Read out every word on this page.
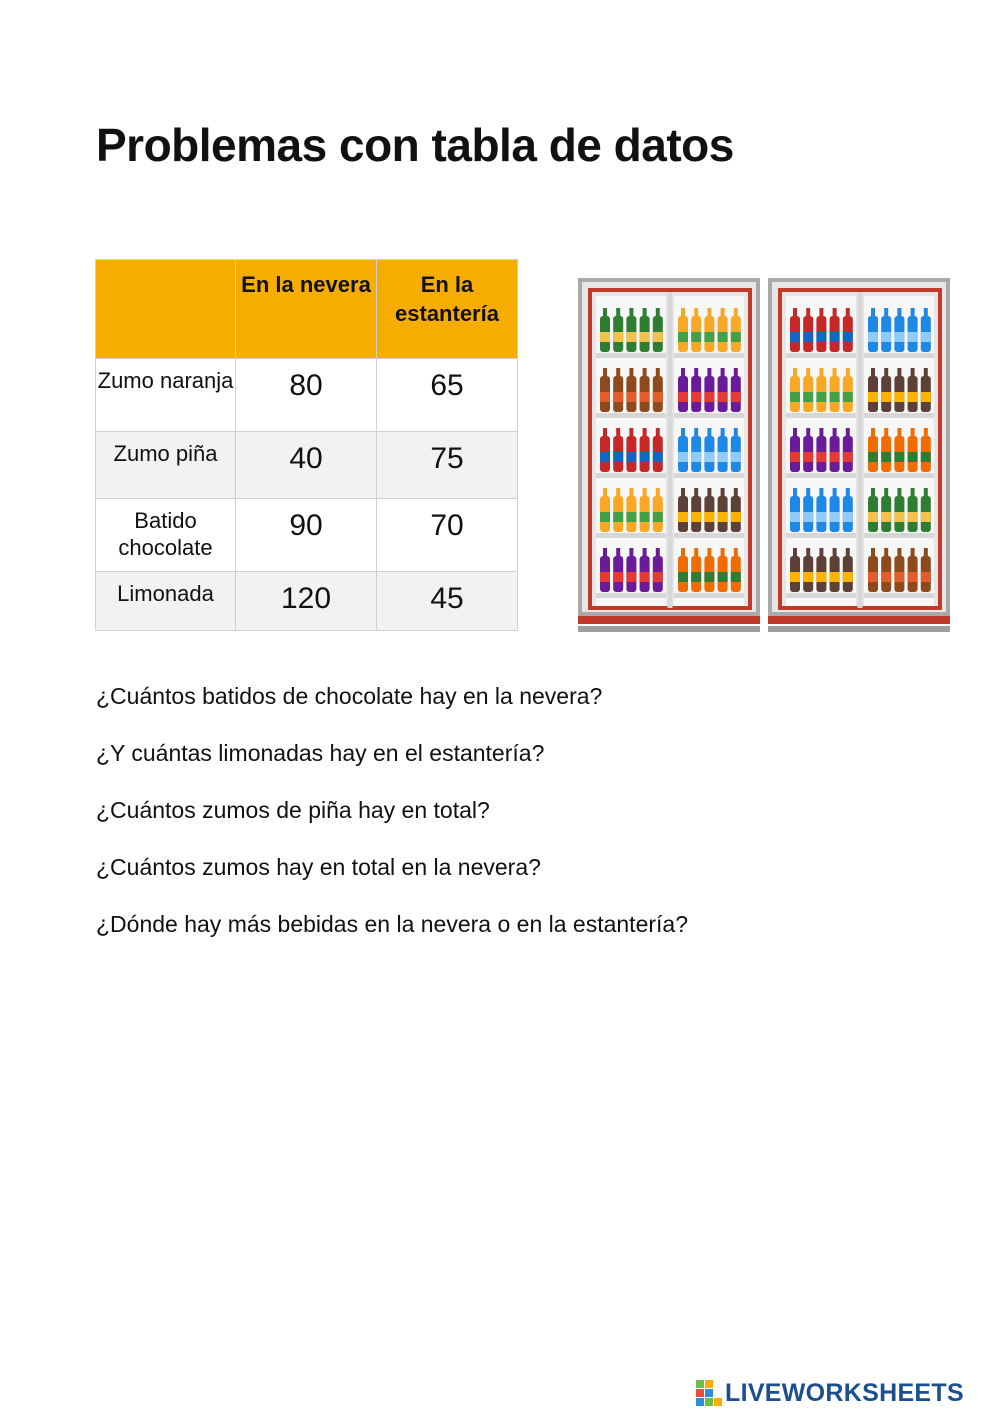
Problemas con tabla de datos
	En la nevera	En la estantería
Zumo naranja	80	65
Zumo piña	40	75
Batido chocolate	90	70
Limonada	120	45
¿Cuántos batidos de chocolate hay en la nevera?
¿Y cuántas limonadas hay en el estantería?
¿Cuántos zumos de piña hay en total?
¿Cuántos zumos hay en total en la nevera?
¿Dónde hay más bebidas en la nevera o en la estantería?
LIVEWORKSHEETS
